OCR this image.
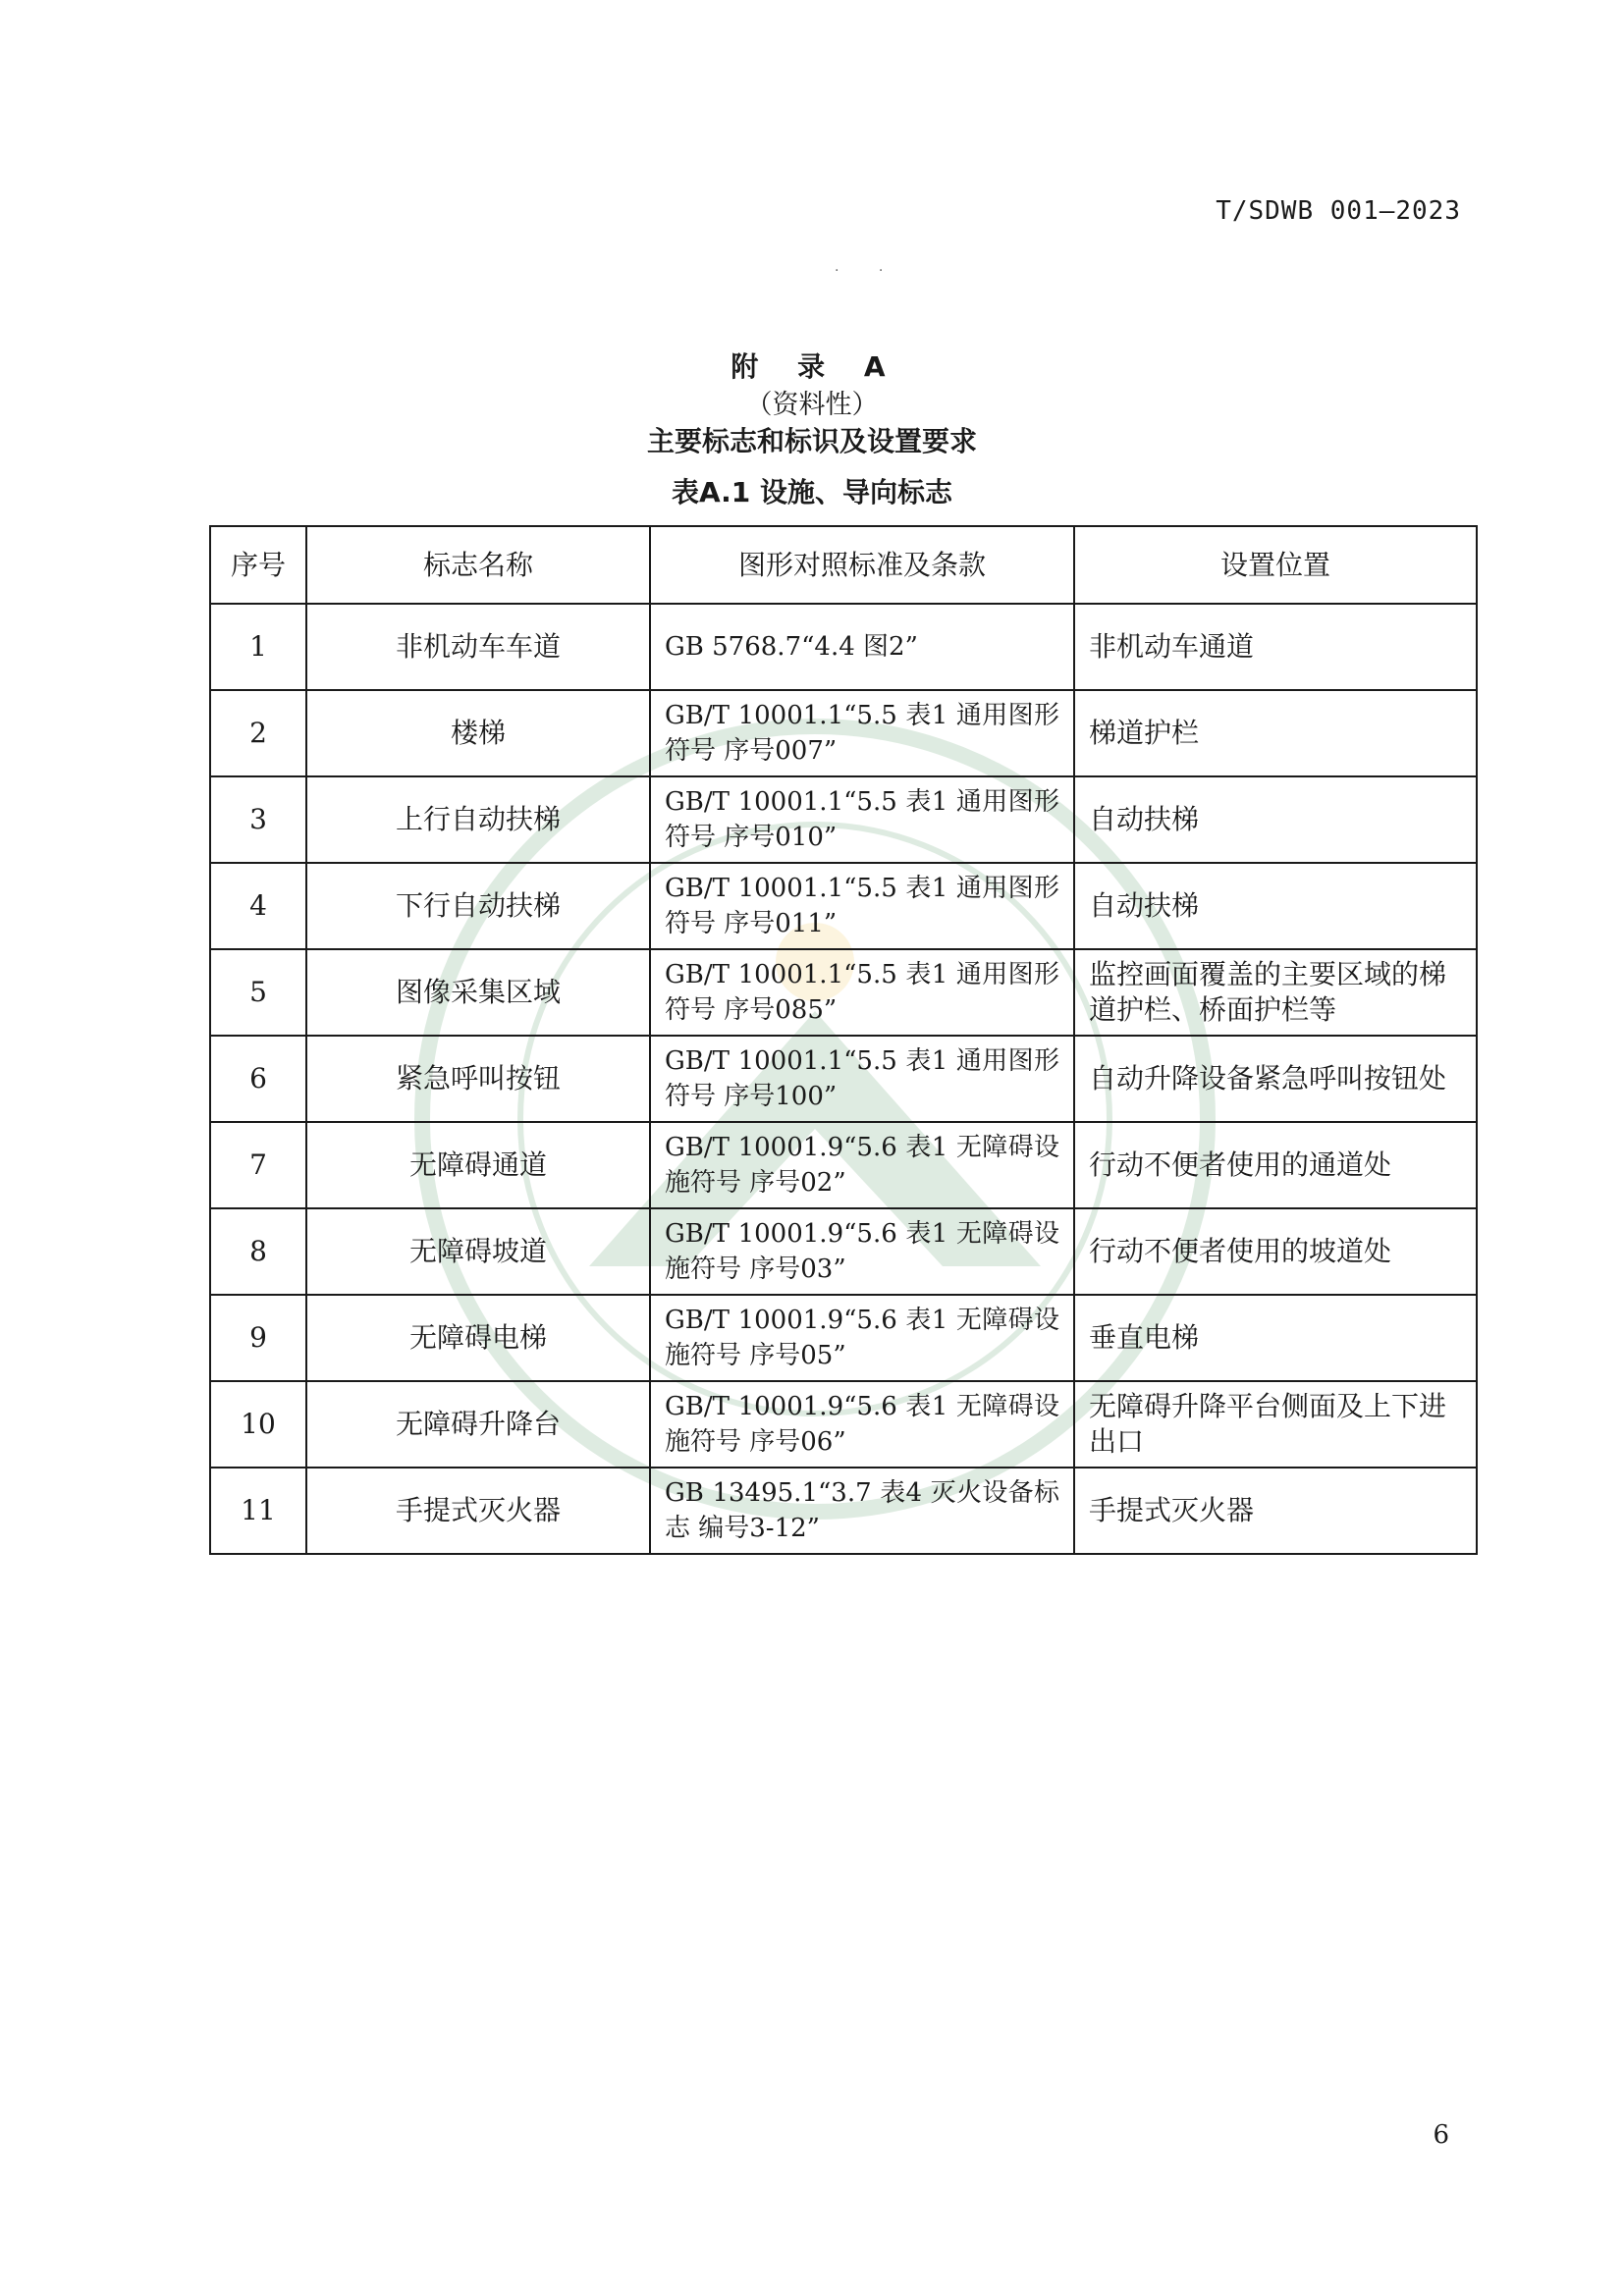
T/SDWB 001—2023
. .
附 录 A
（资料性）
主要标志和标识及设置要求
表A.1 设施、导向标志
序号	标志名称	图形对照标准及条款	设置位置
1	非机动车车道	GB 5768.7“4.4 图2”	非机动车通道
2	楼梯	GB/T 10001.1“5.5 表1 通用图形符号 序号007”	梯道护栏
3	上行自动扶梯	GB/T 10001.1“5.5 表1 通用图形符号 序号010”	自动扶梯
4	下行自动扶梯	GB/T 10001.1“5.5 表1 通用图形符号 序号011”	自动扶梯
5	图像采集区域	GB/T 10001.1“5.5 表1 通用图形符号 序号085”	监控画面覆盖的主要区域的梯道护栏、桥面护栏等
6	紧急呼叫按钮	GB/T 10001.1“5.5 表1 通用图形符号 序号100”	自动升降设备紧急呼叫按钮处
7	无障碍通道	GB/T 10001.9“5.6 表1 无障碍设施符号 序号02”	行动不便者使用的通道处
8	无障碍坡道	GB/T 10001.9“5.6 表1 无障碍设施符号 序号03”	行动不便者使用的坡道处
9	无障碍电梯	GB/T 10001.9“5.6 表1 无障碍设施符号 序号05”	垂直电梯
10	无障碍升降台	GB/T 10001.9“5.6 表1 无障碍设施符号 序号06”	无障碍升降平台侧面及上下进出口
11	手提式灭火器	GB 13495.1“3.7 表4 灭火设备标志 编号3-12”	手提式灭火器
6
